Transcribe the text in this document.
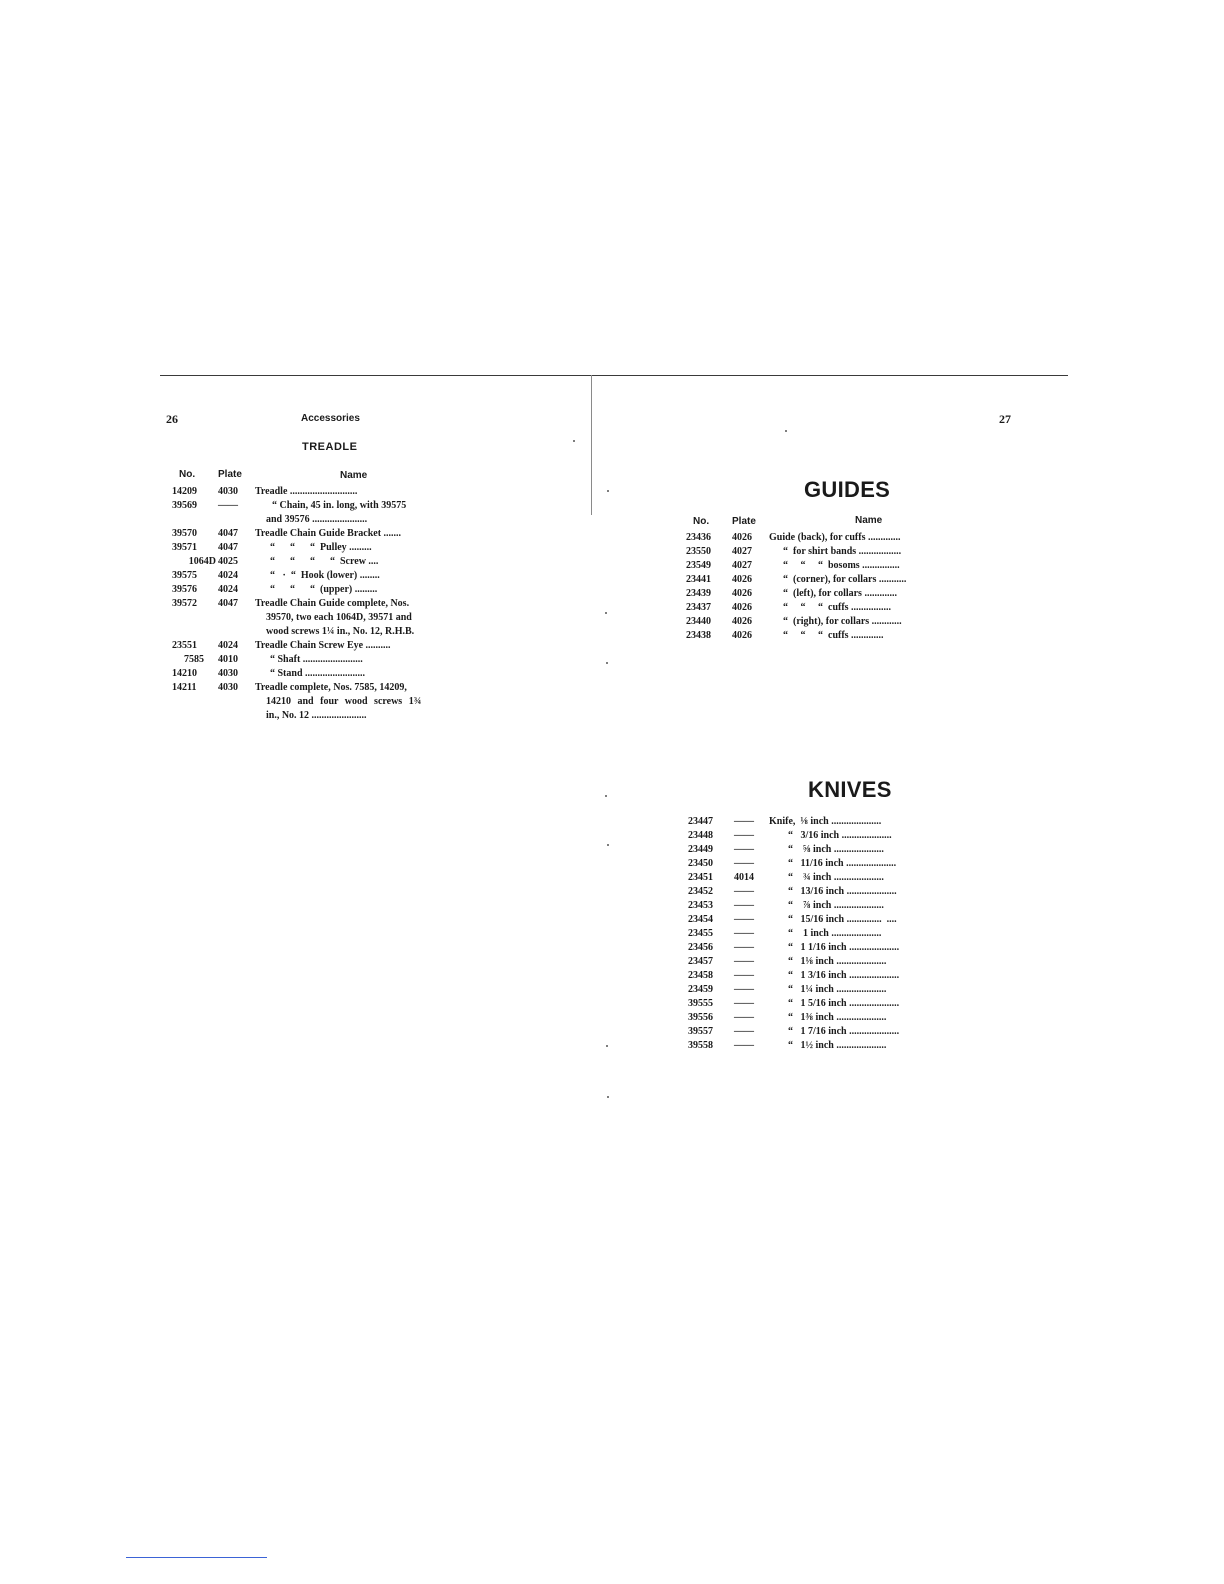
26	Accessories
TREADLE
No. Plate	Name
14209	4030	Treadle ...........................
39569	——	“ Chain, 45 in. long, with 39575
and 39576 ......................
39570	4047	Treadle Chain Guide Bracket .......
39571	4047	“      “      “  Pulley .........
1064D 4025	“      “      “      “  Screw ....
39575	4024	“   ·  “  Hook (lower) ........
39576	4024	“      “      “  (upper) .........
39572	4047	Treadle Chain Guide complete, Nos.
39570, two each 1064D, 39571 and
wood screws 1¼ in., No. 12, R.H.B.
23551	4024	Treadle Chain Screw Eye ..........
7585 4010	“ Shaft ........................
14210	4030	“ Stand ........................
14211	4030	Treadle complete, Nos. 7585, 14209,
14210 and four wood screws 1¾
in., No. 12 ......................
27
GUIDES
No. Plate	Name
23436	4026	Guide (back), for cuffs .............
23550	4027	“  for shirt bands .................
23549	4027	“     “     “  bosoms ...............
23441	4026	“  (corner), for collars ...........
23439	4026	“  (left), for collars .............
23437	4026	“     “     “  cuffs ................
23440	4026	“  (right), for collars ............
23438	4026	“     “     “  cuffs .............
KNIVES
23447	——	Knife,  ⅛ inch ....................
23448	——	“   3/16 inch ....................
23449	——	“    ⅝ inch ....................
23450	——	“   11/16 inch ....................
23451	4014	“    ¾ inch ....................
23452	——	“   13/16 inch ....................
23453	——	“    ⅞ inch ....................
23454	——	“   15/16 inch ..............  ....
23455	——	“    1 inch ....................
23456	——	“   1 1/16 inch ....................
23457	——	“   1⅛ inch ....................
23458	——	“   1 3/16 inch ....................
23459	——	“   1¼ inch ....................
39555	——	“   1 5/16 inch ....................
39556	——	“   1⅜ inch ....................
39557	——	“   1 7/16 inch ....................
39558	——	“   1½ inch ....................
